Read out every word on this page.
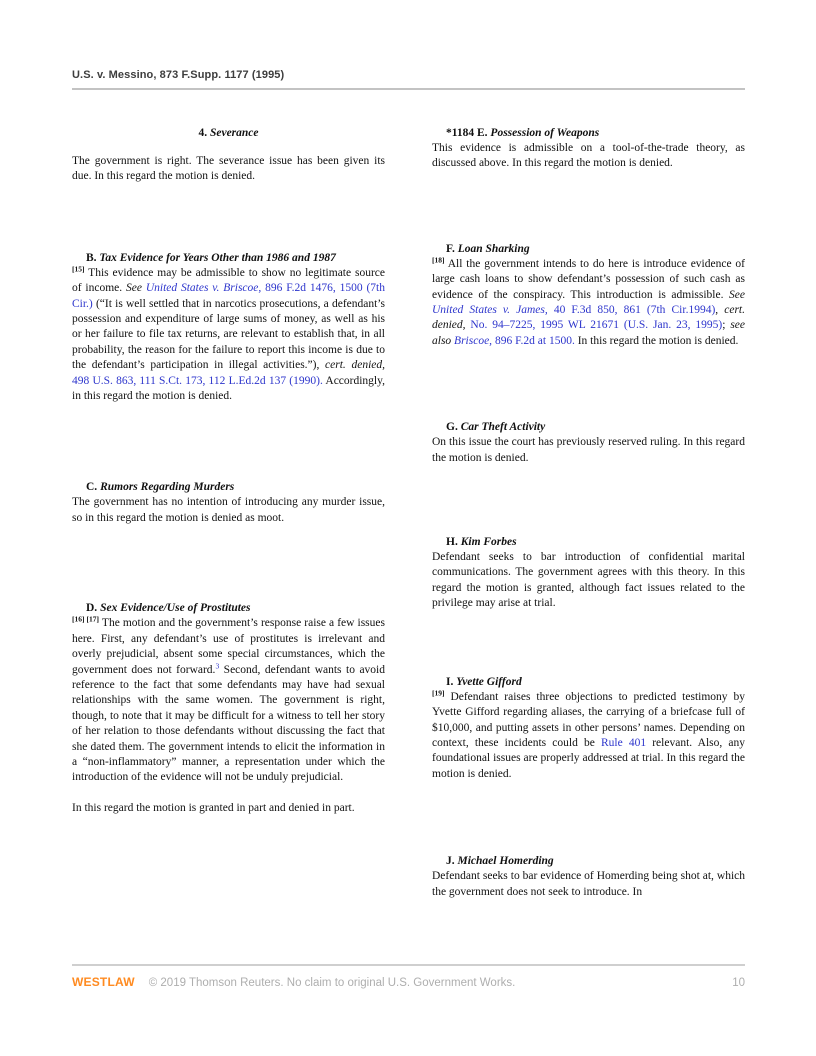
U.S. v. Messino, 873 F.Supp. 1177 (1995)

4. Severance

The government is right. The severance issue has been given its due. In this regard the motion is denied.

B. Tax Evidence for Years Other than 1986 and 1987

[15] This evidence may be admissible to show no legitimate source of income. See United States v. Briscoe, 896 F.2d 1476, 1500 (7th Cir.) (“It is well settled that in narcotics prosecutions, a defendant’s possession and expenditure of large sums of money, as well as his or her failure to file tax returns, are relevant to establish that, in all probability, the reason for the failure to report this income is due to the defendant’s participation in illegal activities.”), cert. denied, 498 U.S. 863, 111 S.Ct. 173, 112 L.Ed.2d 137 (1990). Accordingly, in this regard the motion is denied.

C. Rumors Regarding Murders

The government has no intention of introducing any murder issue, so in this regard the motion is denied as moot.

D. Sex Evidence/Use of Prostitutes

[16] [17] The motion and the government’s response raise a few issues here. First, any defendant’s use of prostitutes is irrelevant and overly prejudicial, absent some special circumstances, which the government does not forward.$^3$ Second, defendant wants to avoid reference to the fact that some defendants may have had sexual relationships with the same women. The government is right, though, to note that it may be difficult for a witness to tell her story of her relation to those defendants without discussing the fact that she dated them. The government intends to elicit the information in a “non-inflammatory” manner, a representation under which the introduction of the evidence will not be unduly prejudicial.

In this regard the motion is granted in part and denied in part.

*1184 E. Possession of Weapons

This evidence is admissible on a tool-of-the-trade theory, as discussed above. In this regard the motion is denied.

F. Loan Sharking

[18] All the government intends to do here is introduce evidence of large cash loans to show defendant’s possession of such cash as evidence of the conspiracy. This introduction is admissible. See United States v. James, 40 F.3d 850, 861 (7th Cir.1994), cert. denied, No. 94–7225, 1995 WL 21671 (U.S. Jan. 23, 1995); see also Briscoe, 896 F.2d at 1500. In this regard the motion is denied.

G. Car Theft Activity

On this issue the court has previously reserved ruling. In this regard the motion is denied.

H. Kim Forbes

Defendant seeks to bar introduction of confidential marital communications. The government agrees with this theory. In this regard the motion is granted, although fact issues related to the privilege may arise at trial.

I. Yvette Gifford

[19] Defendant raises three objections to predicted testimony by Yvette Gifford regarding aliases, the carrying of a briefcase full of $10,000, and putting assets in other persons’ names. Depending on context, these incidents could be Rule 401 relevant. Also, any foundational issues are properly addressed at trial. In this regard the motion is denied.

J. Michael Homerding

Defendant seeks to bar evidence of Homerding being shot at, which the government does not seek to introduce. In

WESTLAW © 2019 Thomson Reuters. No claim to original U.S. Government Works.	10
